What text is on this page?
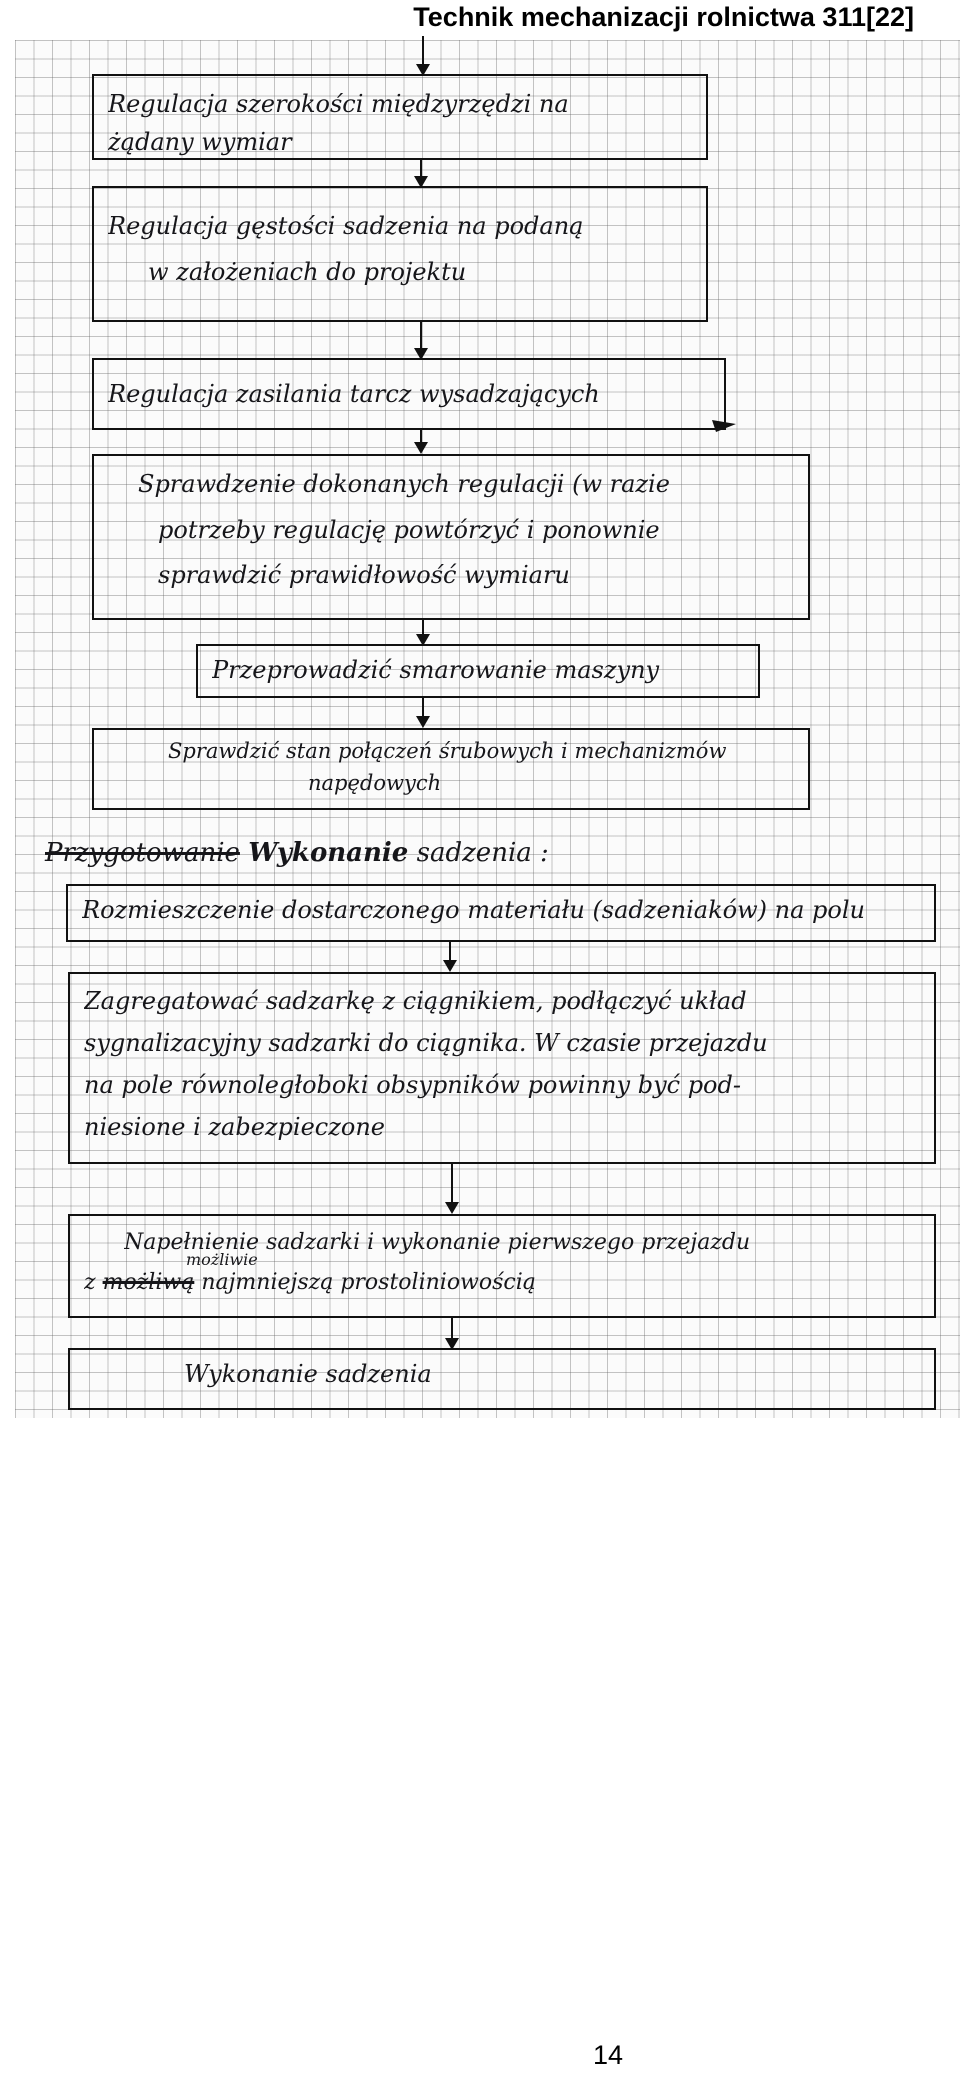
Technik mechanizacji rolnictwa 311[22]
Regulacja szerokości międzyrzędzi na
żądany wymiar
Regulacja gęstości sadzenia na podaną
w założeniach do projektu
Regulacja zasilania tarcz wysadzających
Sprawdzenie dokonanych regulacji (w razie
potrzeby regulację powtórzyć i ponownie
sprawdzić prawidłowość wymiaru
Przeprowadzić smarowanie maszyny
Sprawdzić stan połączeń śrubowych i mechanizmów
napędowych
Przygotowanie Wykonanie sadzenia :
Rozmieszczenie dostarczonego materiału (sadzeniaków) na polu
Zagregatować sadzarkę z ciągnikiem, podłączyć układ
sygnalizacyjny sadzarki do ciągnika. W czasie przejazdu
na pole równoległoboki obsypników powinny być pod-
niesione i zabezpieczone
Napełnienie sadzarki i wykonanie pierwszego przejazdu
z możliwą najmniejszą prostoliniowością
możliwie
Wykonanie sadzenia
14
